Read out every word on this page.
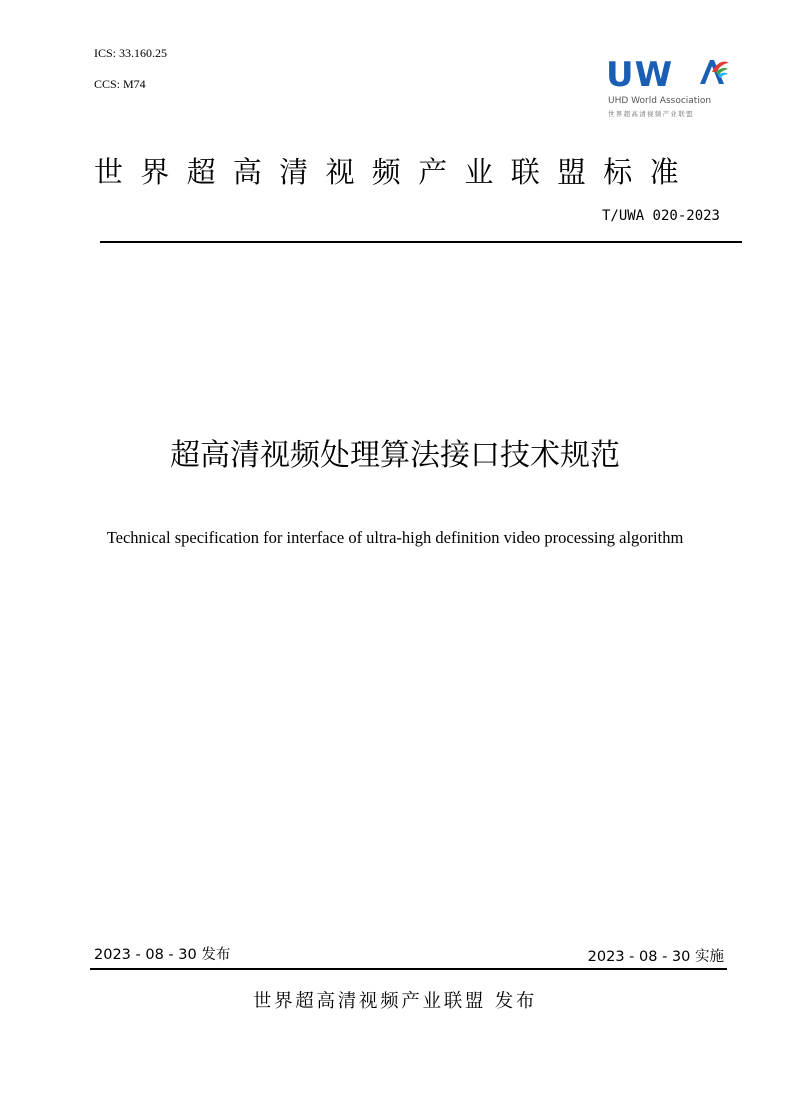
ICS: 33.160.25
CCS: M74	UW
UHD World Association
世界超高清视频产业联盟
世界超高清视频产业联盟标准
T/UWA 020-2023
超高清视频处理算法接口技术规范
Technical specification for interface of ultra-high definition video processing algorithm
2023 - 08 - 30 发布	2023 - 08 - 30 实施
世界超高清视频产业联盟 发布
